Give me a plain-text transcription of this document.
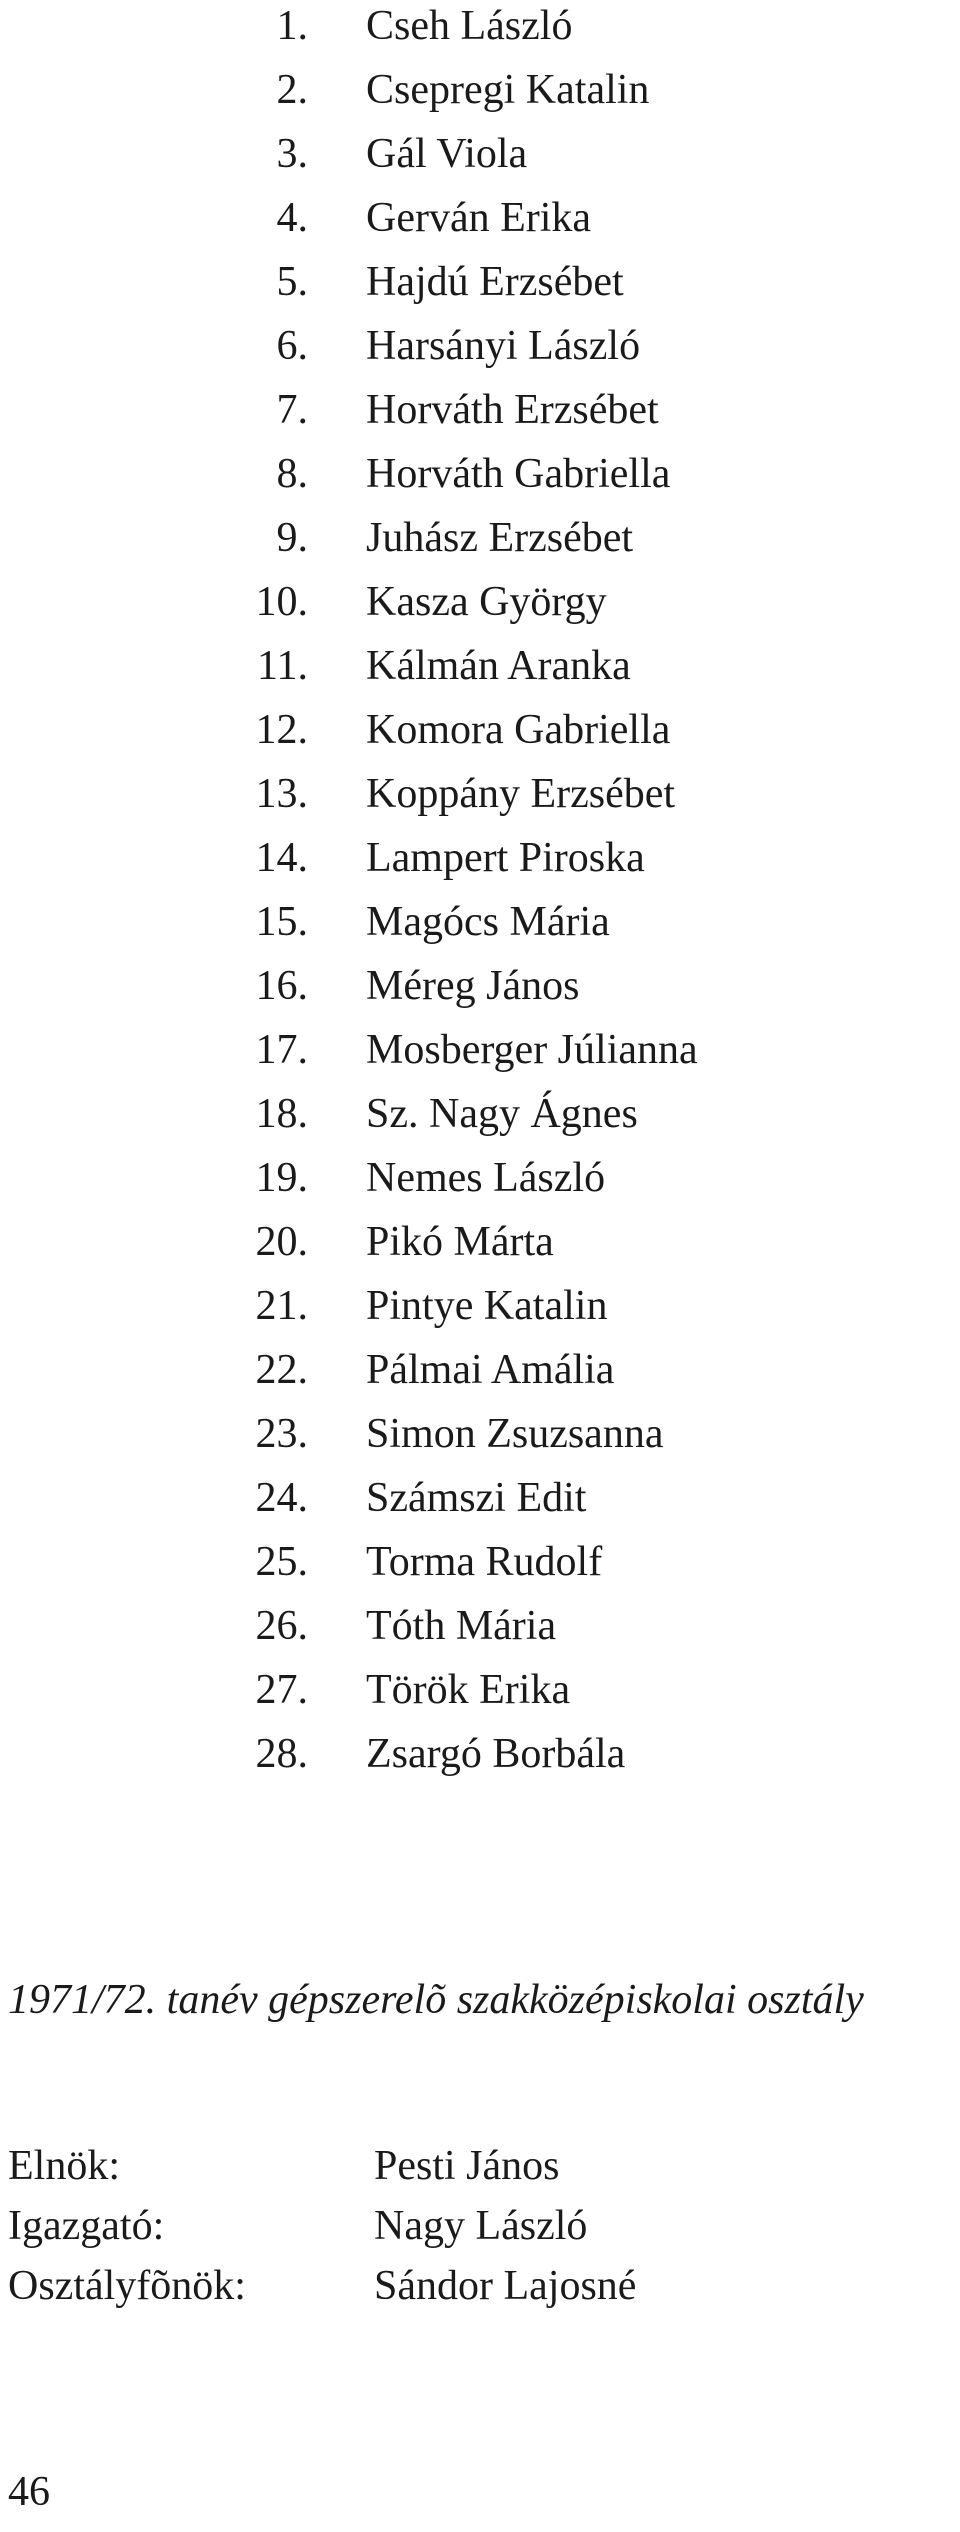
1. Cseh László
2. Csepregi Katalin
3. Gál Viola
4. Gerván Erika
5. Hajdú Erzsébet
6. Harsányi László
7. Horváth Erzsébet
8. Horváth Gabriella
9. Juhász Erzsébet
10. Kasza György
11. Kálmán Aranka
12. Komora Gabriella
13. Koppány Erzsébet
14. Lampert Piroska
15. Magócs Mária
16. Méreg János
17. Mosberger Júlianna
18. Sz. Nagy Ágnes
19. Nemes László
20. Pikó Márta
21. Pintye Katalin
22. Pálmai Amália
23. Simon Zsuzsanna
24. Számszi Edit
25. Torma Rudolf
26. Tóth Mária
27. Török Erika
28. Zsargó Borbála
1971/72. tanév gépszerelõ szakközépiskolai osztály
Elnök:	Pesti János
Igazgató:	Nagy László
Osztályfõnök:	Sándor Lajosné
46
